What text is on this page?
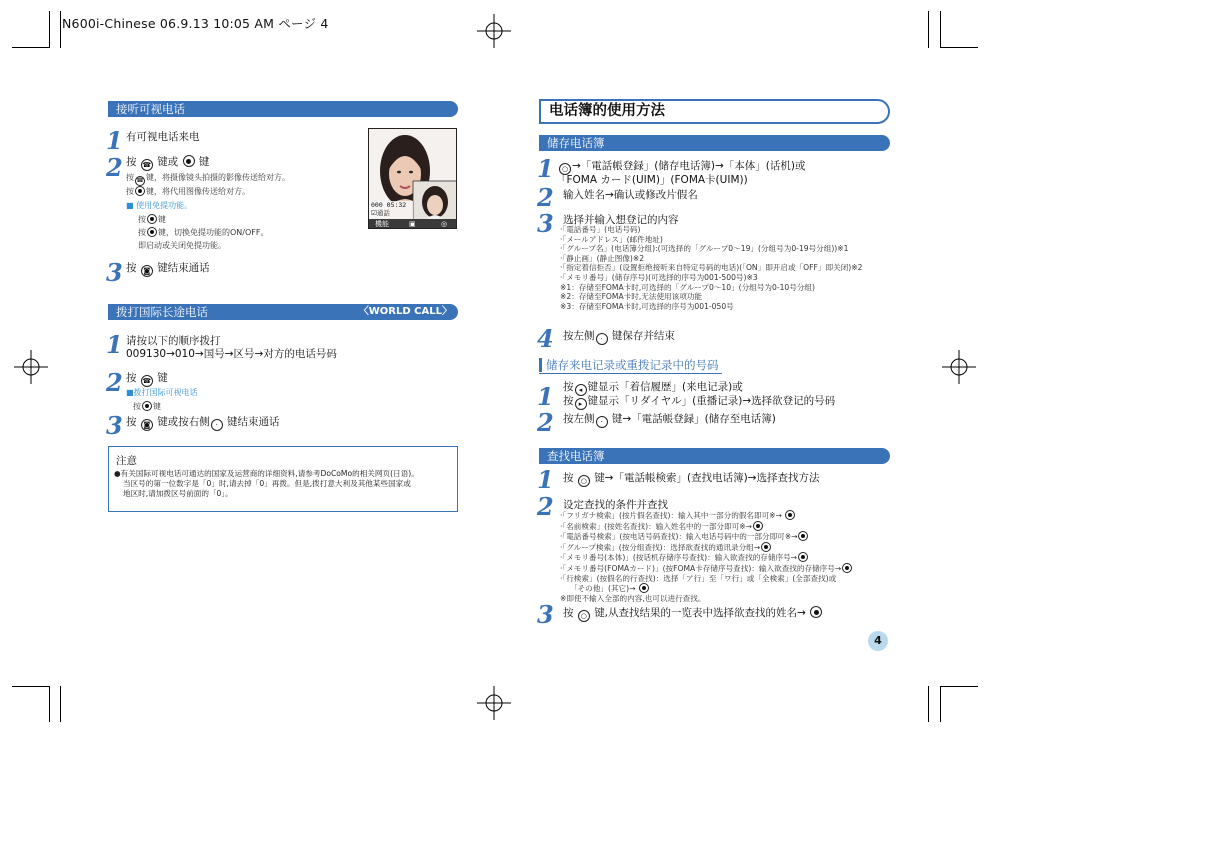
N600i-Chinese 06.9.13 10:05 AM ページ 4
接听可视电话
1 有可视电话来电
2 按 ☎ 键或 键
按 ☎ 键，将摄像镜头拍摄的影像传送给对方。
按 键，将代用图像传送给对方。
■ 使用免提功能。
按 键
按 键，切换免提功能的ON/OFF。
即启动或关闭免提功能。
3 按 ◙ 键结束通话
000 05:32
☑通話
機能	▣	◎
拨打国际长途电话	〈WORLD CALL〉
1 请按以下的顺序拨打
009130→010→国号→区号→对方的电话号码
2 按 ☎ 键
■拨打国际可视电话
按 键
3 按 ◙ 键或按右侧 · 键结束通话
注意
●有关国际可视电话可通达的国家及运营商的详细资料,请参考DoCoMo的相关网页(日语)。
当区号的第一位数字是「0」时,请去掉「0」再拨。但是,拨打意大利及其他某些国家或
地区时,请加拨区号前面的「0」。
电话簿的使用方法
储存电话簿
1	○ →「電話帳登録」(储存电话簿)→「本体」(话机)或
「FOMA カード(UIM)」(FOMA卡(UIM))
2 输入姓名→确认或修改片假名
3 选择并输入想登记的内容
·「電話番号」(电话号码)
·「メールアドレス」(邮件地址)
·「グループ名」(电话簿分组):(可选择的「グループ0～19」(分组号为0-19号分组))※1
·「静止画」(静止图像)※2
·「指定着信拒否」(设置拒绝接听来自特定号码的电话)(「ON」即开启或「OFF」即关闭)※2
·「メモリ番号」(储存序号)(可选择的序号为001-500号)※3
※1：存储至FOMA卡时,可选择的「グループ0～10」(分组号为0-10号分组)
※2：存储至FOMA卡时,无法使用该项功能
※3：存储至FOMA卡时,可选择的序号为001-050号
4 按左侧 · 键保存并结束
储存来电记录或重拨记录中的号码
1 按 ◂ 键显示「着信履歴」(来电记录)或
按 ▸ 键显示「リダイヤル」(重播记录)→选择欲登记的号码
2 按左侧 · 键→「電話帳登録」(储存至电话簿)
查找电话簿
1 按 ○ 键→「電話帳検索」(查找电话簿)→选择查找方法
2 设定查找的条件并查找
·「フリガナ検索」(按片假名查找)：输入其中一部分的假名即可※→
·「名前検索」(按姓名查找)：输入姓名中的一部分即可※→
·「電話番号検索」(按电话号码查找)：输入电话号码中的一部分即可※→
·「グループ検索」(按分组查找)：选择欲查找的通讯录分组→
·「メモリ番号(本体)」(按话机存储序号查找)：输入欲查找的存储序号→
·「メモリ番号(FOMAカード)」(按FOMA卡存储序号查找)：输入欲查找的存储序号→
·「行検索」(按假名的行查找)：选择「ア行」至「ワ行」或「全検索」(全部查找)或
「その他」(其它)→
※即使不输入全部的内容,也可以进行查找。
3 按 ○ 键,从查找结果的一览表中选择欲查找的姓名→
4
